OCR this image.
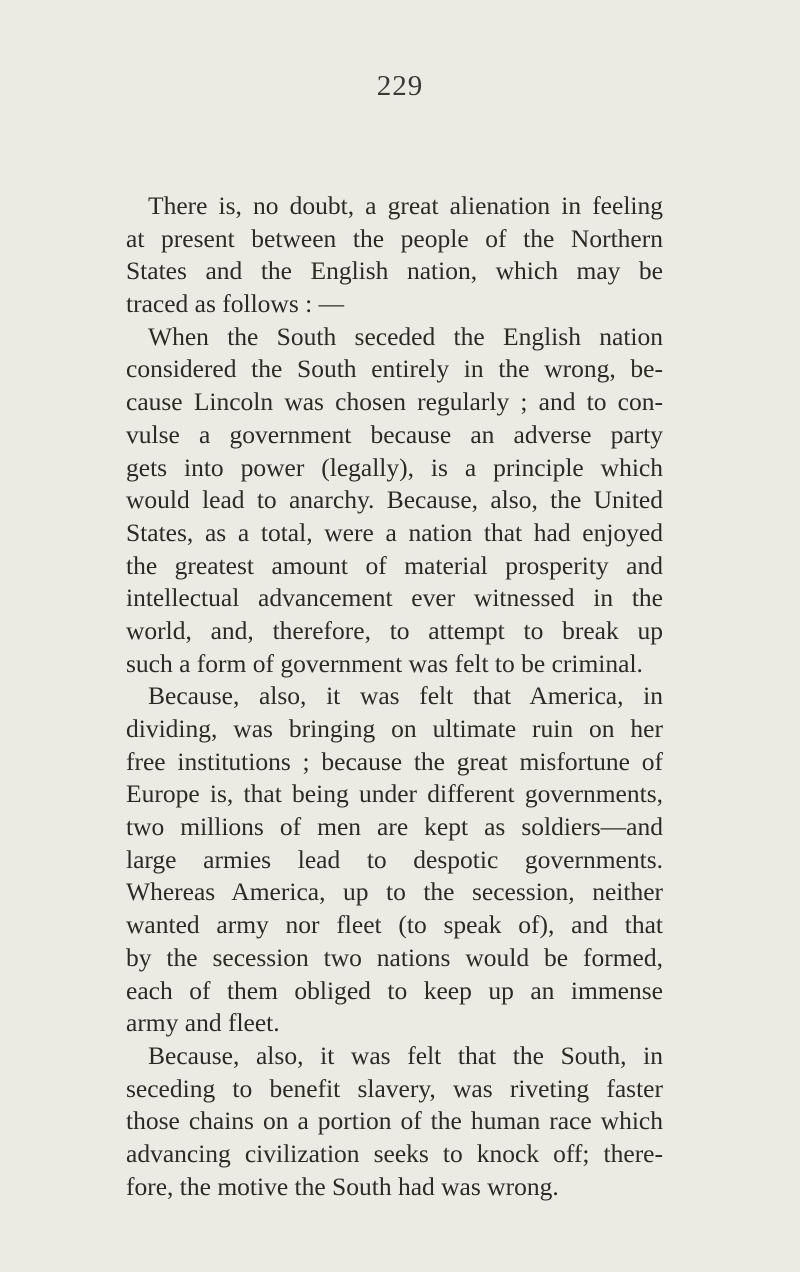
229
There is, no doubt, a great alienation in feeling
at present between the people of the Northern
States and the English nation, which may be
traced as follows : —
When the South seceded the English nation
considered the South entirely in the wrong, be-
cause Lincoln was chosen regularly ; and to con-
vulse a government because an adverse party
gets into power (legally), is a principle which
would lead to anarchy. Because, also, the United
States, as a total, were a nation that had enjoyed
the greatest amount of material prosperity and
intellectual advancement ever witnessed in the
world, and, therefore, to attempt to break up
such a form of government was felt to be criminal.
Because, also, it was felt that America, in
dividing, was bringing on ultimate ruin on her
free institutions ; because the great misfortune of
Europe is, that being under different governments,
two millions of men are kept as soldiers—and
large armies lead to despotic governments.
Whereas America, up to the secession, neither
wanted army nor fleet (to speak of), and that
by the secession two nations would be formed,
each of them obliged to keep up an immense
army and fleet.
Because, also, it was felt that the South, in
seceding to benefit slavery, was riveting faster
those chains on a portion of the human race which
advancing civilization seeks to knock off; there-
fore, the motive the South had was wrong.
